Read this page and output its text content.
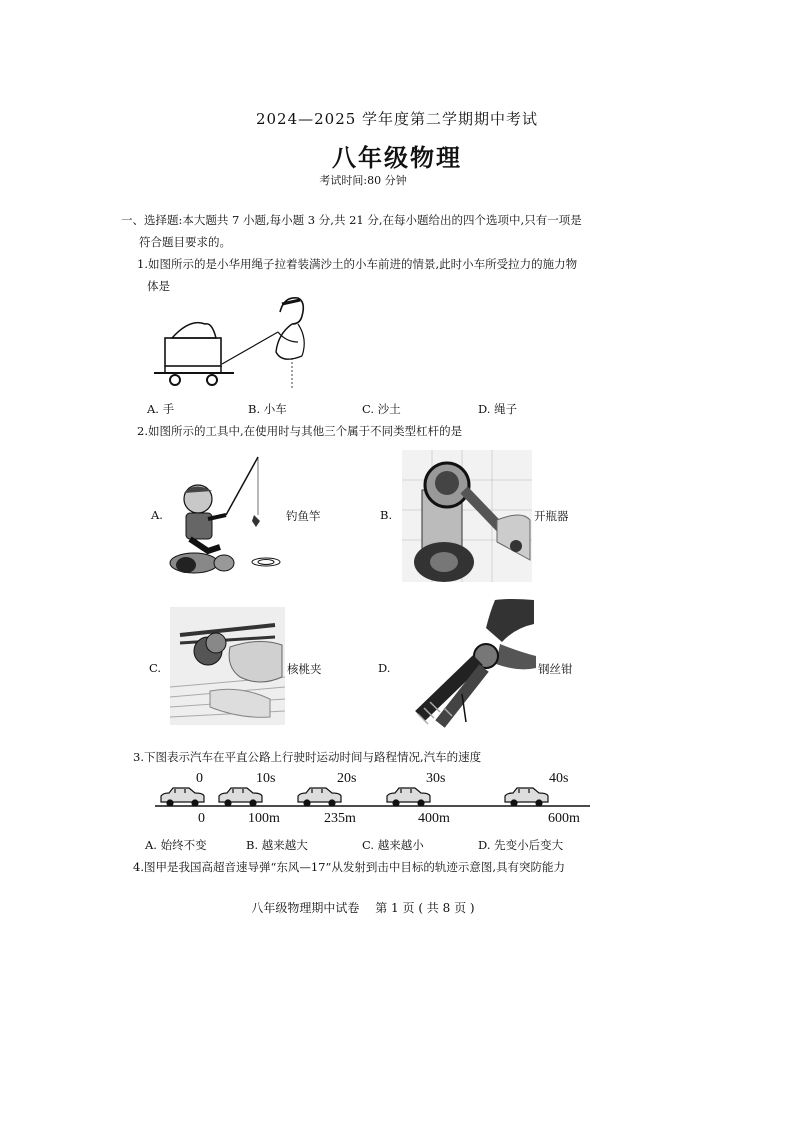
2024—2025 学年度第二学期期中考试
八年级物理
考试时间:80 分钟
一、选择题:本大题共 7 小题,每小题 3 分,共 21 分,在每小题给出的四个选项中,只有一项是
符合题目要求的。
1.如图所示的是小华用绳子拉着装满沙土的小车前进的情景,此时小车所受拉力的施力物
体是
A. 手	B. 小车	C. 沙土	D. 绳子
2.如图所示的工具中,在使用时与其他三个属于不同类型杠杆的是
A.	钓鱼竿	B.	开瓶器
C.	核桃夹	D.	钢丝钳
3.下图表示汽车在平直公路上行驶时运动时间与路程情况,汽车的速度
0	10s	20s	30s	40s
0	100m	235m	400m	600m
A. 始终不变	B. 越来越大	C. 越来越小	D. 先变小后变大
4.图甲是我国高超音速导弹“东风—17”从发射到击中目标的轨迹示意图,具有突防能力
八年级物理期中试卷　 第 1 页 ( 共 8 页 )
